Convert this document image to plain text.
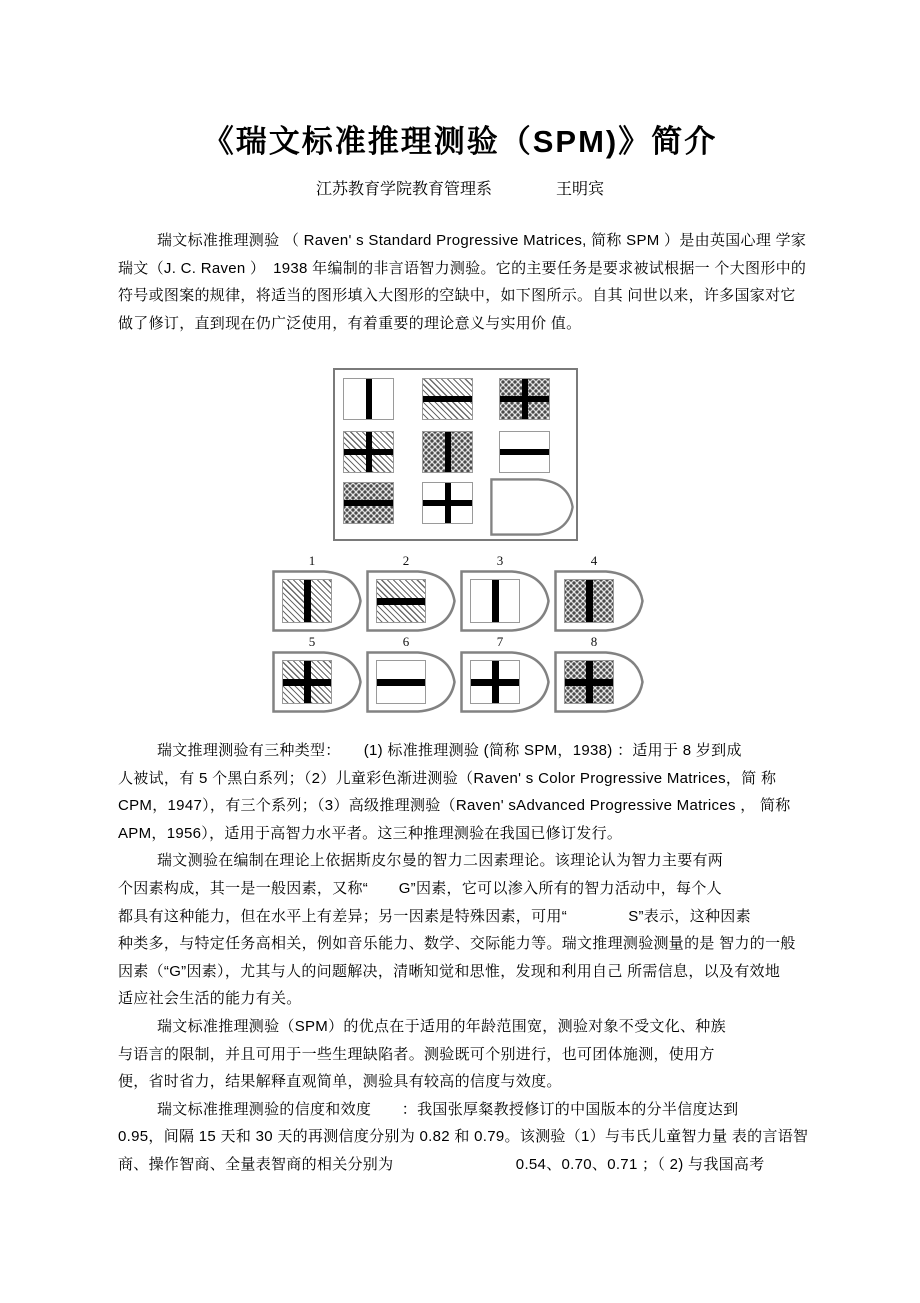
《瑞文标准推理测验（SPM)》简介
江苏教育学院教育管理系　　　　王明宾
瑞文标准推理测验 （ Raven' s Standard Progressive Matrices, 简称 SPM ）是由英国心理 学家
瑞文（J. C. Raven ）　1938 年编制的非言语智力测验。它的主要任务是要求被试根据一 个大图形中的
符号或图案的规律，将适当的图形填入大图形的空缺中，如下图所示。自其 问世以来，许多国家对它
做了修订，直到现在仍广泛使用，有着重要的理论意义与实用价 值。
1	2	3	4
5	6	7	8
瑞文推理测验有三种类型：　　(1) 标准推理测验 (简称 SPM，1938) ：适用于 8 岁到成
人被试，有 5 个黑白系列；（2）儿童彩色渐进测验（Raven' s Color Progressive Matrices，简 称
CPM，1947），有三个系列；（3）高级推理测验（Raven' sAdvanced Progressive Matrices ， 简称
APM，1956），适用于高智力水平者。这三种推理测验在我国已修订发行。
瑞文测验在编制在理论上依据斯皮尔曼的智力二因素理论。该理论认为智力主要有两
个因素构成，其一是一般因素，又称“　　G”因素，它可以渗入所有的智力活动中，每个人
都具有这种能力，但在水平上有差异；另一因素是特殊因素，可用“　　　　S”表示，这种因素
种类多，与特定任务高相关，例如音乐能力、数学、交际能力等。瑞文推理测验测量的是 智力的一般
因素（“G”因素），尤其与人的问题解决，清晰知觉和思惟，发现和利用自己 所需信息，以及有效地
适应社会生活的能力有关。
瑞文标准推理测验（SPM）的优点在于适用的年龄范围宽，测验对象不受文化、种族
与语言的限制，并且可用于一些生理缺陷者。测验既可个别进行，也可团体施测，使用方
便，省时省力，结果解释直观简单，测验具有较高的信度与效度。
瑞文标准推理测验的信度和效度　　：我国张厚粲教授修订的中国版本的分半信度达到
0.95，间隔 15 天和 30 天的再测信度分别为 0.82 和 0.79。该测验（1）与韦氏儿童智力量 表的言语智
商、操作智商、全量表智商的相关分别为　　　　　　　　0.54、0.70、0.71 ；（ 2) 与我国高考
